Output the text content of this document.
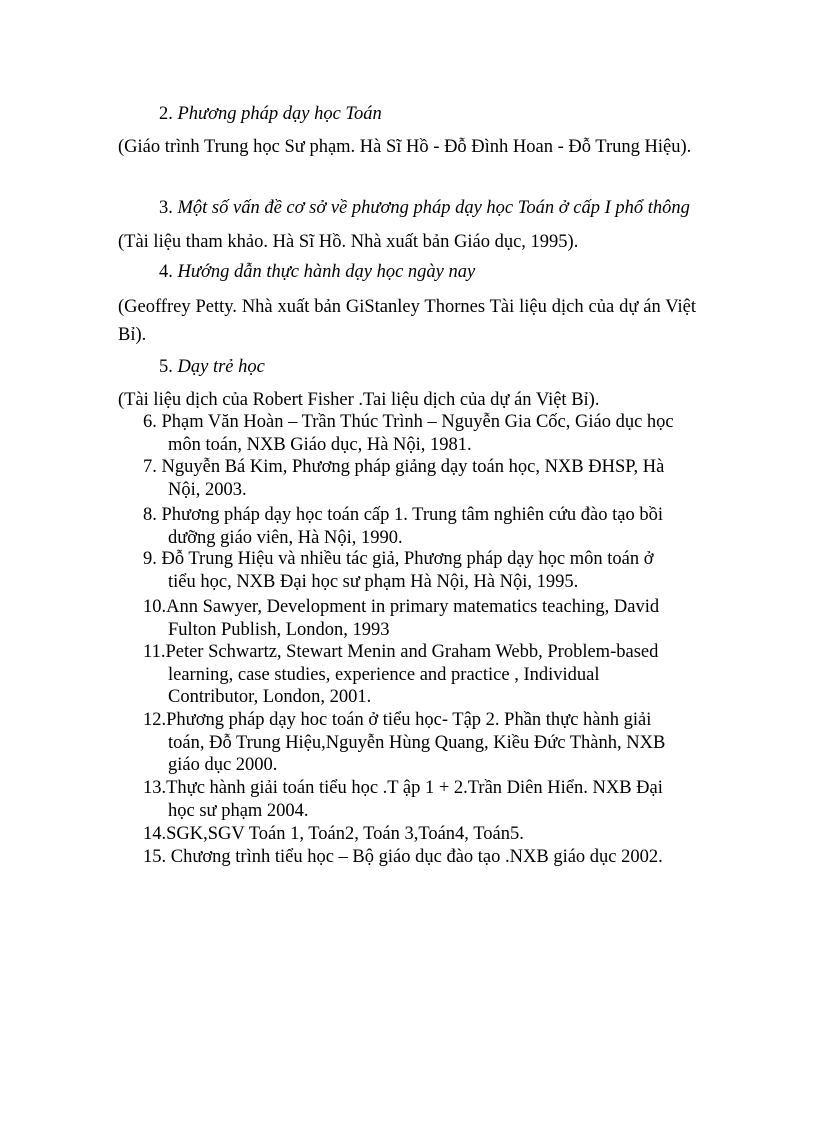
2. Phương pháp dạy học Toán
(Giáo trình Trung học Sư phạm. Hà Sĩ Hồ - Đỗ Đình Hoan - Đỗ Trung Hiệu).
3. Một số vấn đề cơ sở về phương pháp dạy học Toán ở cấp I phổ thông
(Tài liệu tham khảo. Hà Sĩ Hồ. Nhà xuất bản Giáo dục, 1995).
4. Hướng dẫn thực hành dạy học ngày nay
(Geoffrey Petty. Nhà xuất bản GiStanley Thornes Tài liệu dịch của dự án Việt Bỉ).
5. Dạy trẻ học
(Tài liệu dịch của Robert Fisher .Tai liệu dịch của dự án Việt Bỉ).
6. Phạm Văn Hoàn – Trần Thúc Trình – Nguyễn Gia Cốc, Giáo dục học
môn toán, NXB Giáo dục, Hà Nội, 1981.
7. Nguyễn Bá Kim, Phương pháp giảng dạy toán học, NXB ĐHSP, Hà
Nội, 2003.
8. Phương pháp dạy học toán cấp 1. Trung tâm nghiên cứu đào tạo bồi
dưỡng giáo viên, Hà Nội, 1990.
9. Đỗ Trung Hiệu và nhiều tác giả, Phương pháp dạy học môn toán ở
tiểu học, NXB Đại học sư phạm Hà Nội, Hà Nội, 1995.
10.Ann Sawyer, Development in primary matematics teaching, David
Fulton Publish, London, 1993
11.Peter Schwartz, Stewart Menin and Graham Webb, Problem-based
learning, case studies, experience and practice , Individual
Contributor, London, 2001.
12.Phương pháp dạy hoc toán ở tiểu học- Tập 2. Phần thực hành giải
toán, Đỗ Trung Hiệu,Nguyễn Hùng Quang, Kiều Đức Thành, NXB
giáo dục 2000.
13.Thực hành giải toán tiểu học .T ập 1 + 2.Trần Diên Hiển. NXB Đại
học sư phạm 2004.
14.SGK,SGV Toán 1, Toán2, Toán 3,Toán4, Toán5.
15. Chương trình tiểu học – Bộ giáo dục đào tạo .NXB giáo dục 2002.
